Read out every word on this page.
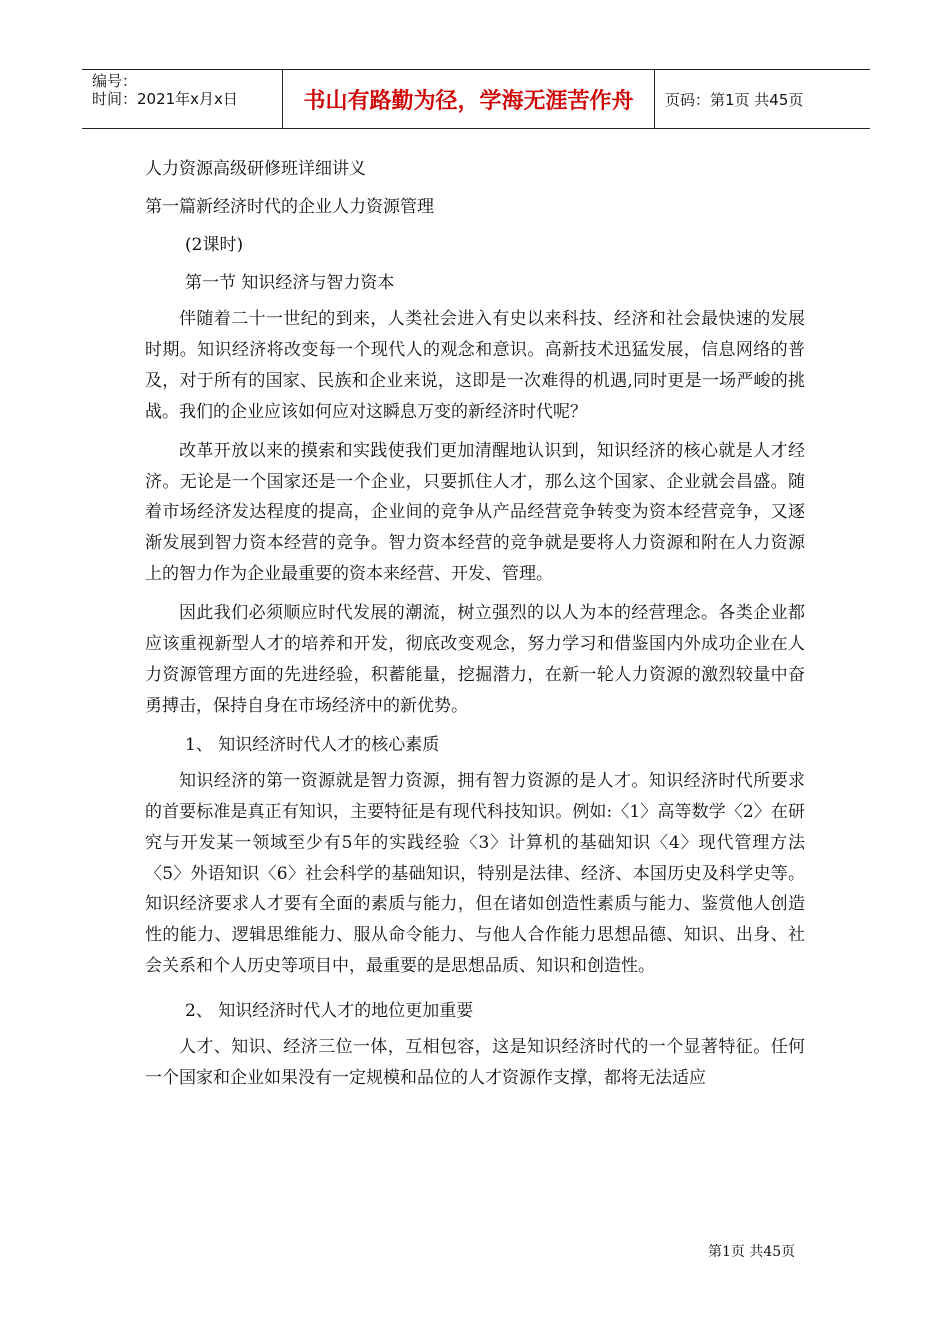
编号：
时间：2021年x月x日	书山有路勤为径，学海无涯苦作舟	页码：第1页 共45页
人力资源高级研修班详细讲义
第一篇新经济时代的企业人力资源管理
(2课时)
第一节 知识经济与智力资本

伴随着二十一世纪的到来，人类社会进入有史以来科技、经济和社会最快速的发展时期。知识经济将改变每一个现代人的观念和意识。高新技术迅猛发展，信息网络的普及，对于所有的国家、民族和企业来说，这即是一次难得的机遇,同时更是一场严峻的挑战。我们的企业应该如何应对这瞬息万变的新经济时代呢？

改革开放以来的摸索和实践使我们更加清醒地认识到，知识经济的核心就是人才经济。无论是一个国家还是一个企业，只要抓住人才，那么这个国家、企业就会昌盛。随着市场经济发达程度的提高，企业间的竞争从产品经营竞争转变为资本经营竞争，又逐渐发展到智力资本经营的竞争。智力资本经营的竞争就是要将人力资源和附在人力资源上的智力作为企业最重要的资本来经营、开发、管理。

因此我们必须顺应时代发展的潮流，树立强烈的以人为本的经营理念。各类企业都应该重视新型人才的培养和开发，彻底改变观念，努力学习和借鉴国内外成功企业在人力资源管理方面的先进经验，积蓄能量，挖掘潜力，在新一轮人力资源的激烈较量中奋勇搏击，保持自身在市场经济中的新优势。

1、 知识经济时代人才的核心素质

知识经济的第一资源就是智力资源，拥有智力资源的是人才。知识经济时代所要求的首要标准是真正有知识，主要特征是有现代科技知识。例如:〈1〉高等数学〈2〉在研究与开发某一领域至少有5年的实践经验〈3〉计算机的基础知识〈4〉现代管理方法〈5〉外语知识〈6〉社会科学的基础知识，特别是法律、经济、本国历史及科学史等。知识经济要求人才要有全面的素质与能力，但在诸如创造性素质与能力、鉴赏他人创造性的能力、逻辑思维能力、服从命令能力、与他人合作能力思想品德、知识、出身、社会关系和个人历史等项目中，最重要的是思想品质、知识和创造性。

2、 知识经济时代人才的地位更加重要

人才、知识、经济三位一体，互相包容，这是知识经济时代的一个显著特征。任何一个国家和企业如果没有一定规模和品位的人才资源作支撑，都将无法适应

第1页 共45页
